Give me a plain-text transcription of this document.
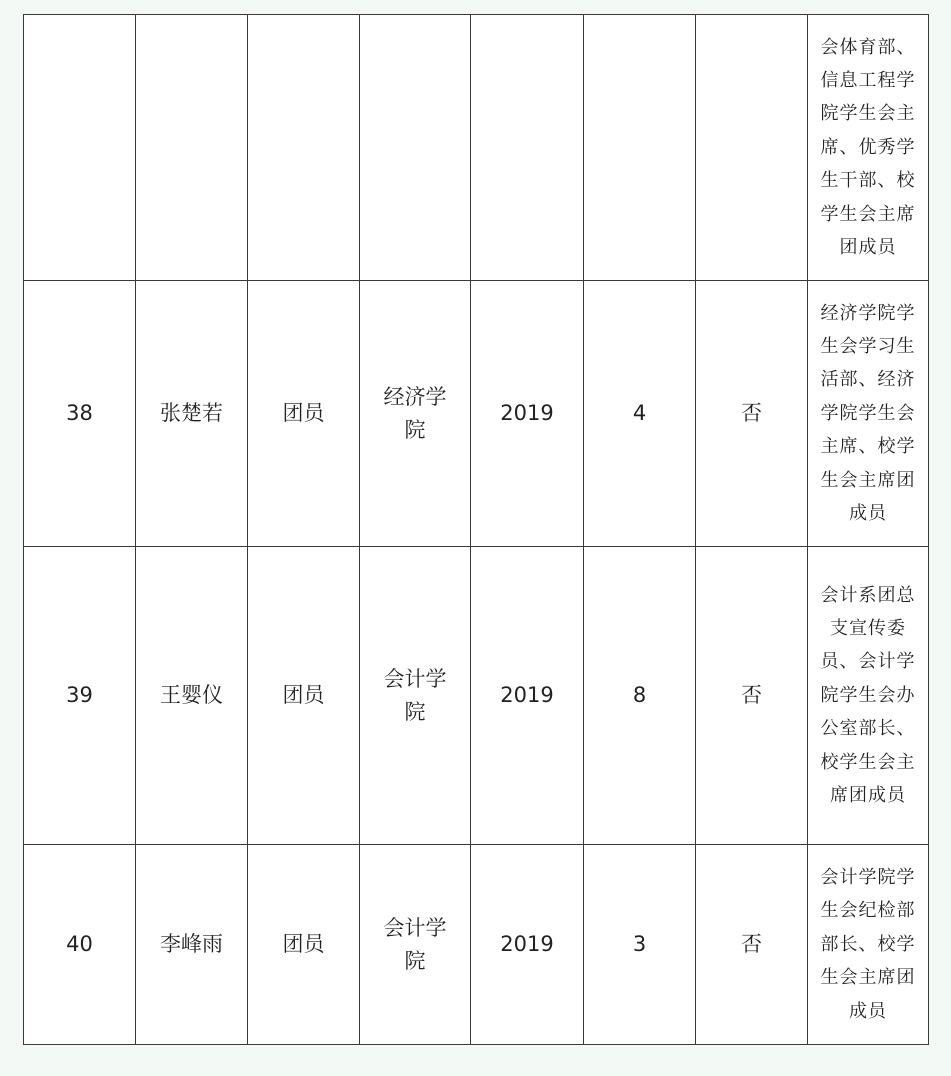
							会体育部、信息工程学院学生会主席、优秀学生干部、校学生会主席团成员
38	张楚若	团员	经济学院	2019	4	否	经济学院学生会学习生活部、经济学院学生会主席、校学生会主席团成员
39	王婴仪	团员	会计学院	2019	8	否	会计系团总支宣传委员、会计学院学生会办公室部长、校学生会主席团成员
40	李峰雨	团员	会计学院	2019	3	否	会计学院学生会纪检部部长、校学生会主席团成员
